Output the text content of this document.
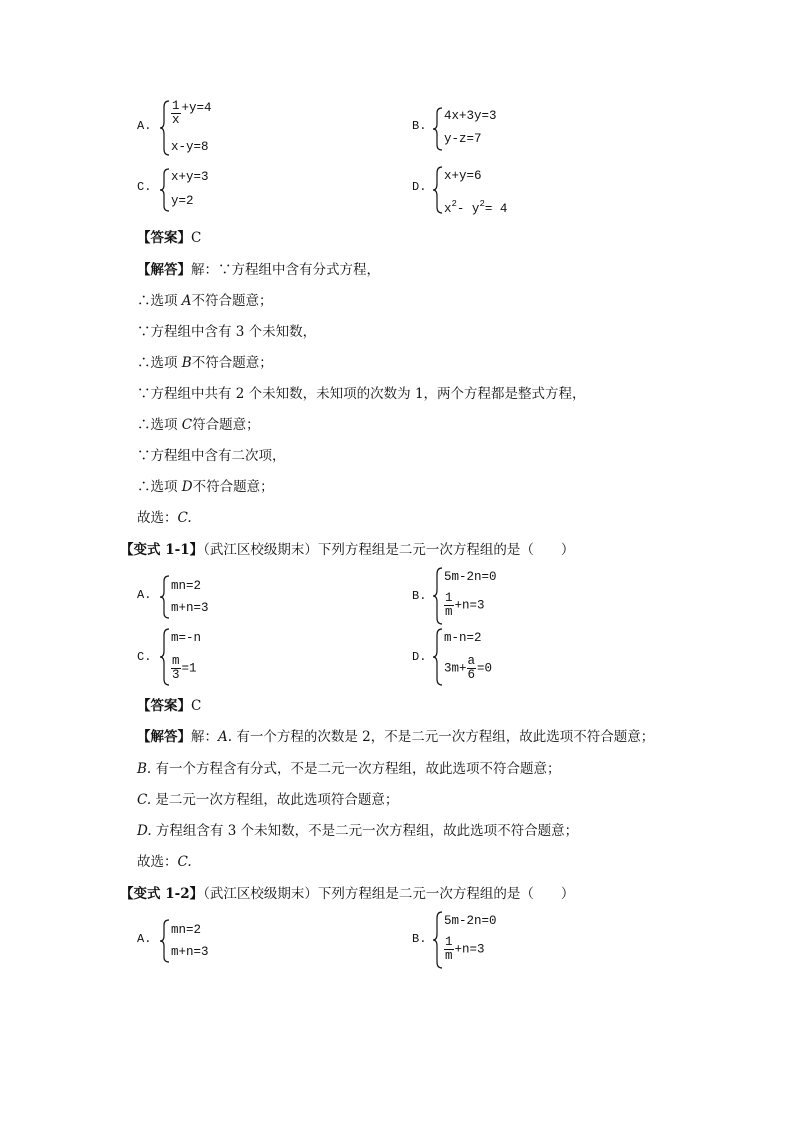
A. $\frac{1}{x} +y=4$
x-y=8
B.
4x+3y=3
y-z=7
C.
x+y=3
y=2
D.
x+y=6
$x^2-$ $y^2= 4$
【答案】C
【解答】解：∵方程组中含有分式方程，
∴选项 A不符合题意；
∵方程组中含有 3 个未知数，
∴选项 B不符合题意；
∵方程组中共有 2 个未知数，未知项的次数为 1，两个方程都是整式方程，
∴选项 C符合题意；
∵方程组中含有二次项，
∴选项 D不符合题意；
故选：C.
【变式 1-1】（武江区校级期末）下列方程组是二元一次方程组的是（　　）
A.
mn=2
m+n=3
B.
5m-2n=0
$\frac{1}{m} +n=3$
C.
m=-n
$\frac{m}{3} =1$
D.
m-n=2
$3m+ \frac{a}{6} =0$
【答案】C
【解答】解：A. 有一个方程的次数是 2，不是二元一次方程组，故此选项不符合题意；
B. 有一个方程含有分式，不是二元一次方程组，故此选项不符合题意；
C. 是二元一次方程组，故此选项符合题意；
D. 方程组含有 3 个未知数，不是二元一次方程组，故此选项不符合题意；
故选：C.
【变式 1-2】（武江区校级期末）下列方程组是二元一次方程组的是（　　）
A.
mn=2
m+n=3
B.
5m-2n=0
$\frac{1}{m} +n=3$
